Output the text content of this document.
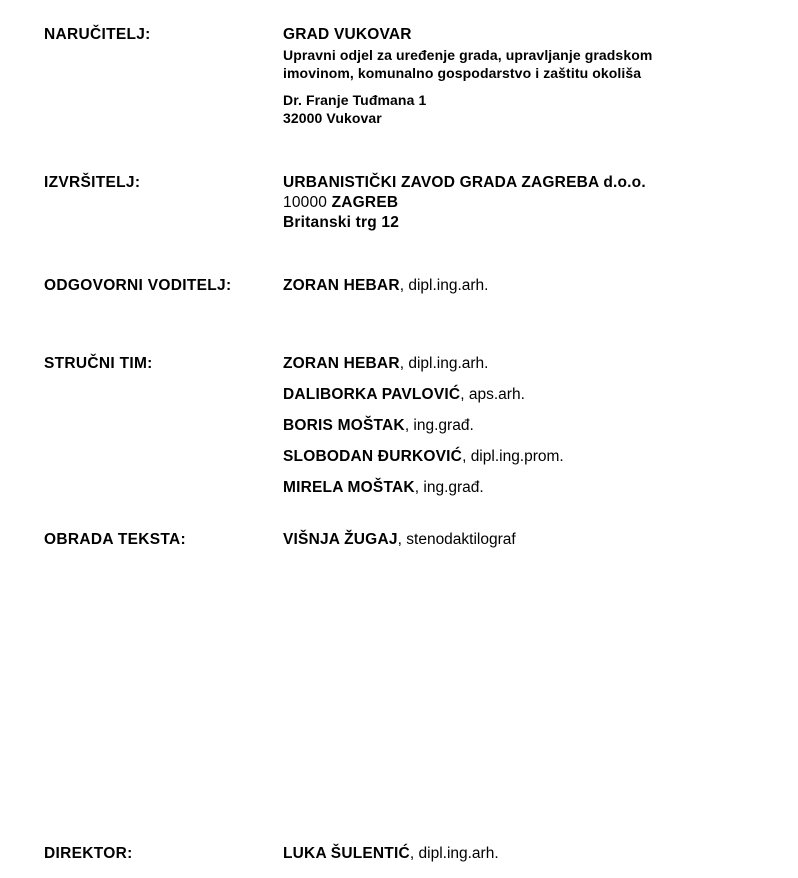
NARUČITELJ:	GRAD VUKOVAR
Upravni odjel za uređenje grada, upravljanje gradskom
imovinom, komunalno gospodarstvo i zaštitu okoliša
Dr. Franje Tuđmana 1
32000 Vukovar
IZVRŠITELJ:	URBANISTIČKI ZAVOD GRADA ZAGREBA d.o.o.
10000 ZAGREB
Britanski trg 12
ODGOVORNI VODITELJ:	ZORAN HEBAR, dipl.ing.arh.
STRUČNI TIM:	ZORAN HEBAR, dipl.ing.arh.
DALIBORKA PAVLOVIĆ, aps.arh.
BORIS MOŠTAK, ing.građ.
SLOBODAN ĐURKOVIĆ, dipl.ing.prom.
MIRELA MOŠTAK, ing.građ.
OBRADA TEKSTA:	VIŠNJA ŽUGAJ, stenodaktilograf
DIREKTOR:	LUKA ŠULENTIĆ, dipl.ing.arh.
